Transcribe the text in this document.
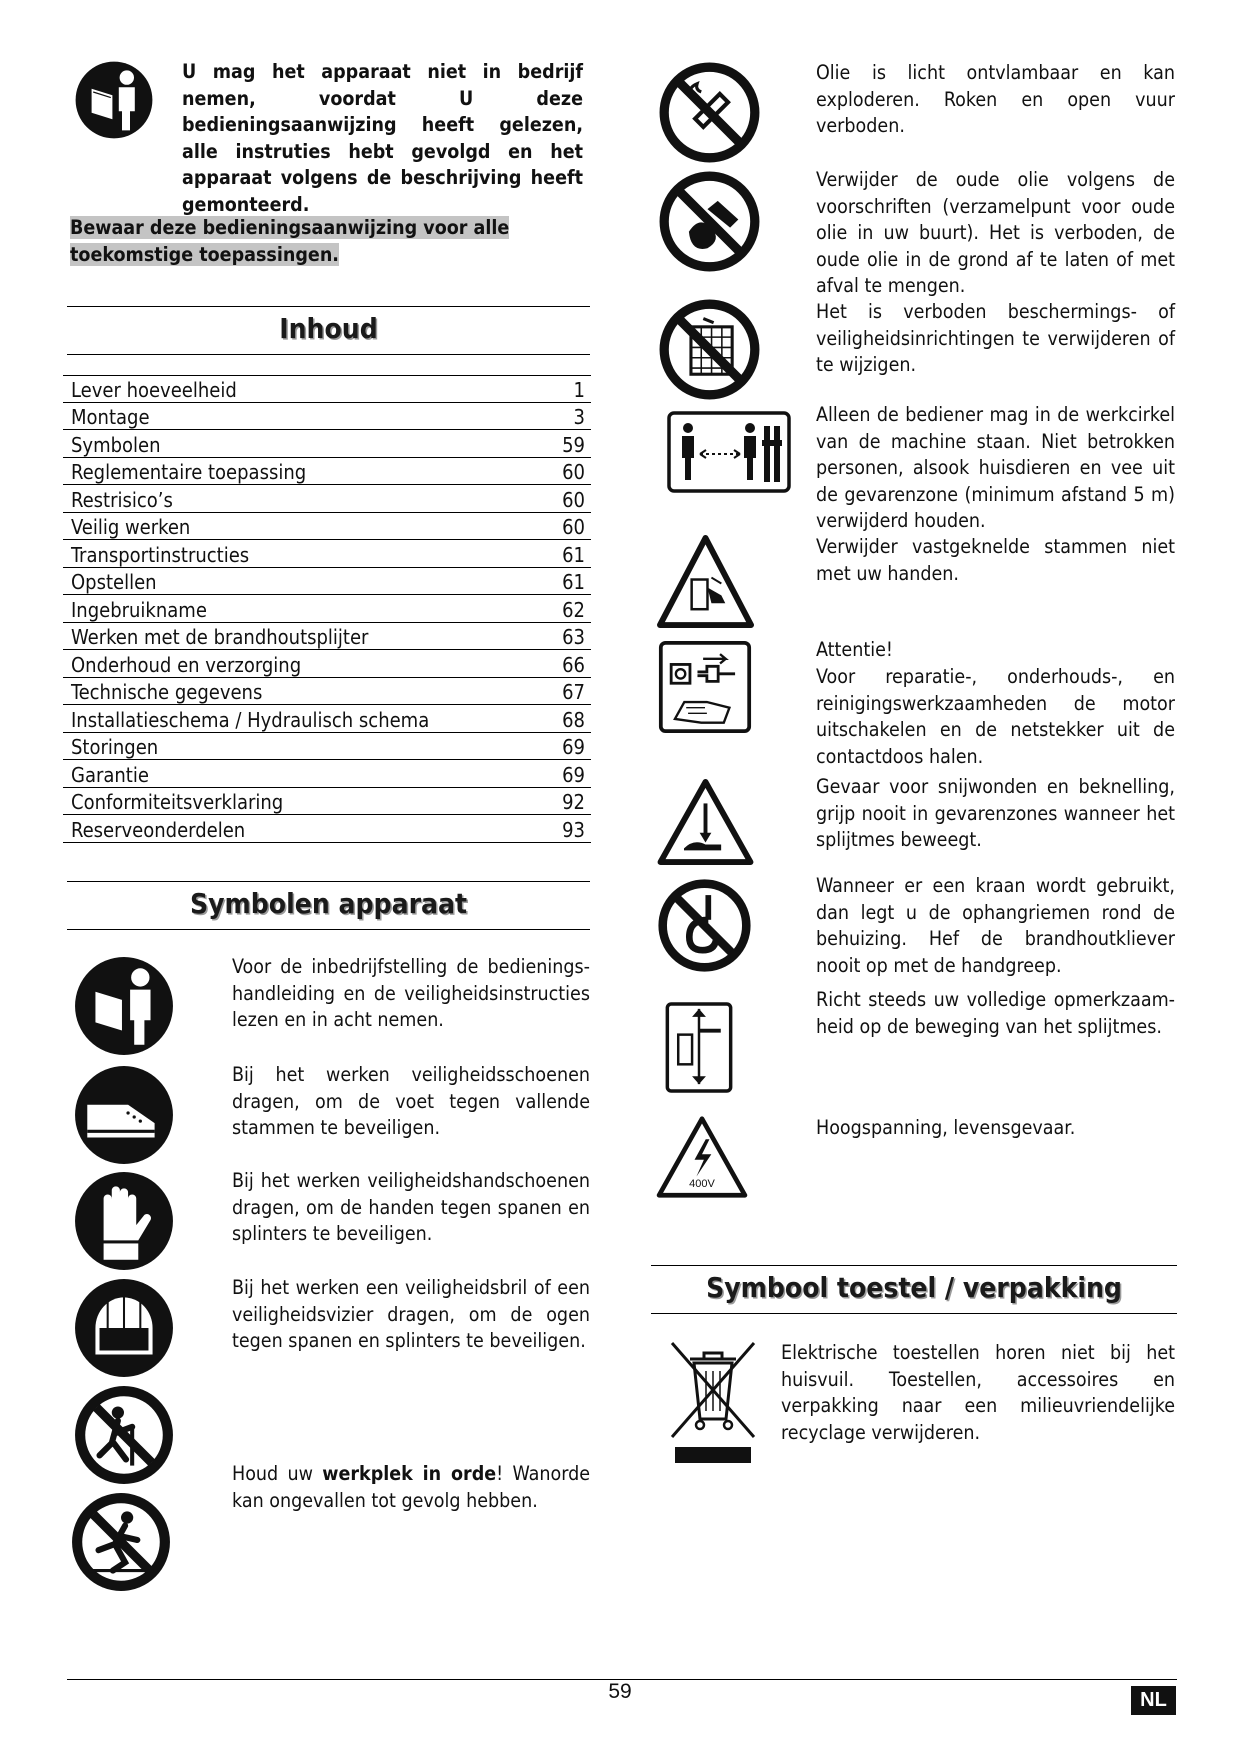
U mag het apparaat niet in bedrijf nemen, voordat U deze bedieningsaanwijzing heeft gelezen, alle instruties hebt gevolgd en het apparaat volgens de beschrijving heeft gemonteerd.
Bewaar deze bedieningsaanwijzing voor alle toekomstige toepassingen.
Inhoud
Lever hoeveelheid	1
Montage	3
Symbolen	59
Reglementaire toepassing	60
Restrisico’s	60
Veilig werken	60
Transportinstructies	61
Opstellen	61
Ingebruikname	62
Werken met de brandhoutsplijter	63
Onderhoud en verzorging	66
Technische gegevens	67
Installatieschema / Hydraulisch schema	68
Storingen	69
Garantie	69
Conformiteitsverklaring	92
Reserveonderdelen	93
Symbolen apparaat
Voor de inbedrijfstelling de bedienings-handleiding en de veiligheidsinstructies lezen en in acht nemen.
Bij het werken veiligheidsschoenen dragen, om de voet tegen vallende stammen te beveiligen.
Bij het werken veiligheidshandschoenen dragen, om de handen tegen spanen en splinters te beveiligen.
Bij het werken een veiligheidsbril of een veiligheidsvizier dragen, om de ogen tegen spanen en splinters te beveiligen.
Houd uw werkplek in orde! Wanorde kan ongevallen tot gevolg hebben.
Olie is licht ontvlambaar en kan exploderen. Roken en open vuur verboden.
Verwijder de oude olie volgens de voorschriften (verzamelpunt voor oude olie in uw buurt). Het is verboden, de oude olie in de grond af te laten of met afval te mengen.
Het is verboden beschermings- of veiligheidsinrichtingen te verwijderen of te wijzigen.
Alleen de bediener mag in de werkcirkel van de machine staan. Niet betrokken personen, alsook huisdieren en vee uit de gevarenzone (minimum afstand 5 m) verwijderd houden.
Verwijder vastgeknelde stammen niet met uw handen.
Attentie!
Voor reparatie-, onderhouds-, en reinigingswerkzaamheden de motor uitschakelen en de netstekker uit de contactdoos halen.
Gevaar voor snijwonden en beknelling, grijp nooit in gevarenzones wanneer het splijtmes beweegt.
Wanneer er een kraan wordt gebruikt, dan legt u de ophangriemen rond de behuizing. Hef de brandhoutkliever nooit op met de handgreep.
Richt steeds uw volledige opmerkzaam-heid op de beweging van het splijtmes.
400V
Hoogspanning, levensgevaar.
Symbool toestel / verpakking
Elektrische toestellen horen niet bij het huisvuil. Toestellen, accessoires en verpakking naar een milieuvriendelijke recyclage verwijderen.
59	NL
